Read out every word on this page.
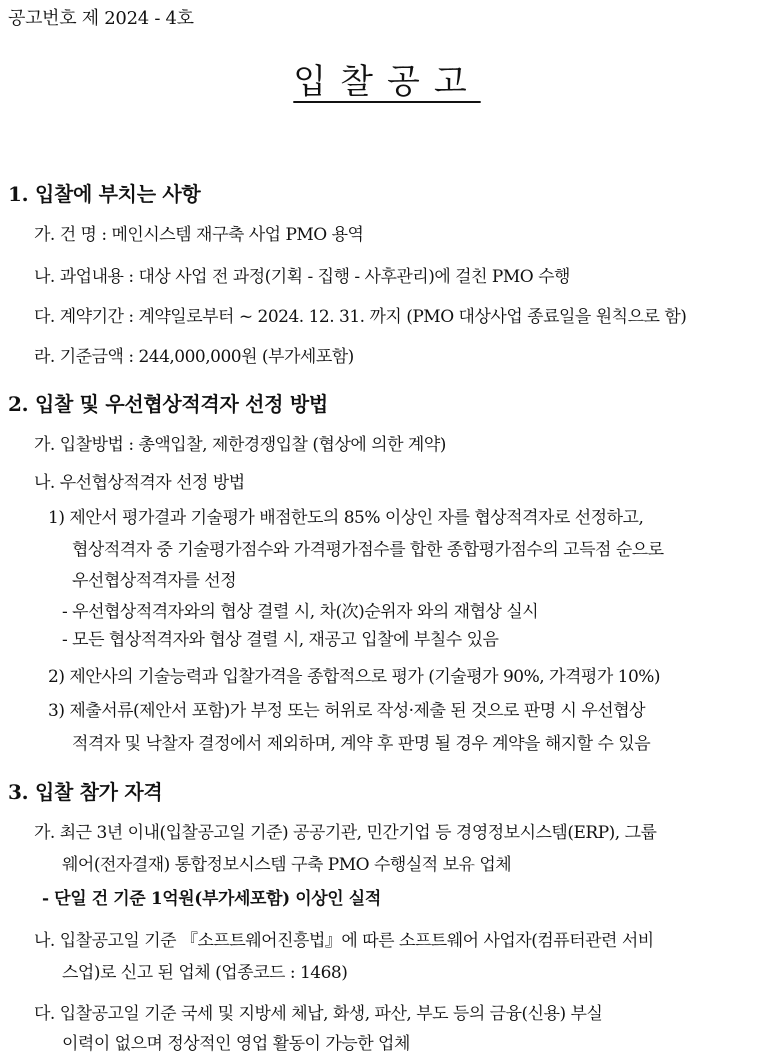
공고번호 제 2024 - 4호
입찰공고
1. 입찰에 부치는 사항
가. 건 명 : 메인시스템 재구축 사업 PMO 용역
나. 과업내용 : 대상 사업 전 과정(기획 - 집행 - 사후관리)에 걸친 PMO 수행
다. 계약기간 : 계약일로부터 ~ 2024. 12. 31. 까지 (PMO 대상사업 종료일을 원칙으로 함)
라. 기준금액 : 244,000,000원 (부가세포함)
2. 입찰 및 우선협상적격자 선정 방법
가. 입찰방법 : 총액입찰, 제한경쟁입찰 (협상에 의한 계약)
나. 우선협상적격자 선정 방법
1) 제안서 평가결과 기술평가 배점한도의 85% 이상인 자를 협상적격자로 선정하고,
협상적격자 중 기술평가점수와 가격평가점수를 합한 종합평가점수의 고득점 순으로
우선협상적격자를 선정
- 우선협상적격자와의 협상 결렬 시, 차(次)순위자 와의 재협상 실시
- 모든 협상적격자와 협상 결렬 시, 재공고 입찰에 부칠수 있음
2) 제안사의 기술능력과 입찰가격을 종합적으로 평가 (기술평가 90%, 가격평가 10%)
3) 제출서류(제안서 포함)가 부정 또는 허위로 작성·제출 된 것으로 판명 시 우선협상
적격자 및 낙찰자 결정에서 제외하며, 계약 후 판명 될 경우 계약을 해지할 수 있음
3. 입찰 참가 자격
가. 최근 3년 이내(입찰공고일 기준) 공공기관, 민간기업 등 경영정보시스템(ERP), 그룹
웨어(전자결재) 통합정보시스템 구축 PMO 수행실적 보유 업체
- 단일 건 기준 1억원(부가세포함) 이상인 실적
나. 입찰공고일 기준 『소프트웨어진흥법』에 따른 소프트웨어 사업자(컴퓨터관련 서비
스업)로 신고 된 업체 (업종코드 : 1468)
다. 입찰공고일 기준 국세 및 지방세 체납, 화생, 파산, 부도 등의 금융(신용) 부실
이력이 없으며 정상적인 영업 활동이 가능한 업체
